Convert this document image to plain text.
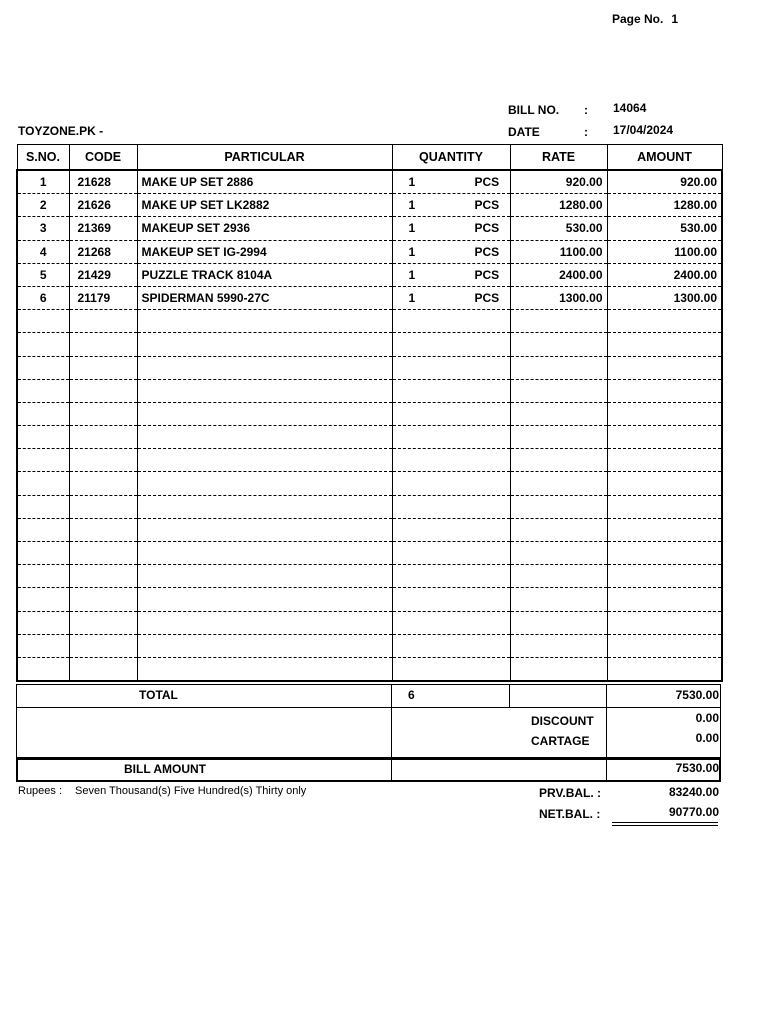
Page No. 1
BILL NO. : 14064
DATE	: 17/04/2024
TOYZONE.PK -
S.NO.	CODE	PARTICULAR	QUANTITY	RATE	AMOUNT
1	21628	MAKE UP SET 2886	1 PCS	920.00	920.00
2	21626	MAKE UP SET LK2882	1 PCS	1280.00	1280.00
3	21369	MAKEUP SET 2936	1 PCS	530.00	530.00
4	21268	MAKEUP SET IG-2994	1 PCS	1100.00	1100.00
5	21429	PUZZLE TRACK 8104A	1 PCS	2400.00	2400.00
6	21179	SPIDERMAN 5990-27C	1 PCS	1300.00	1300.00

TOTAL	6	7530.00
DISCOUNT	0.00
CARTAGE	0.00
BILL AMOUNT	7530.00
Rupees : Seven Thousand(s) Five Hundred(s) Thirty only	PRV.BAL. :	83240.00
NET.BAL. :	90770.00
